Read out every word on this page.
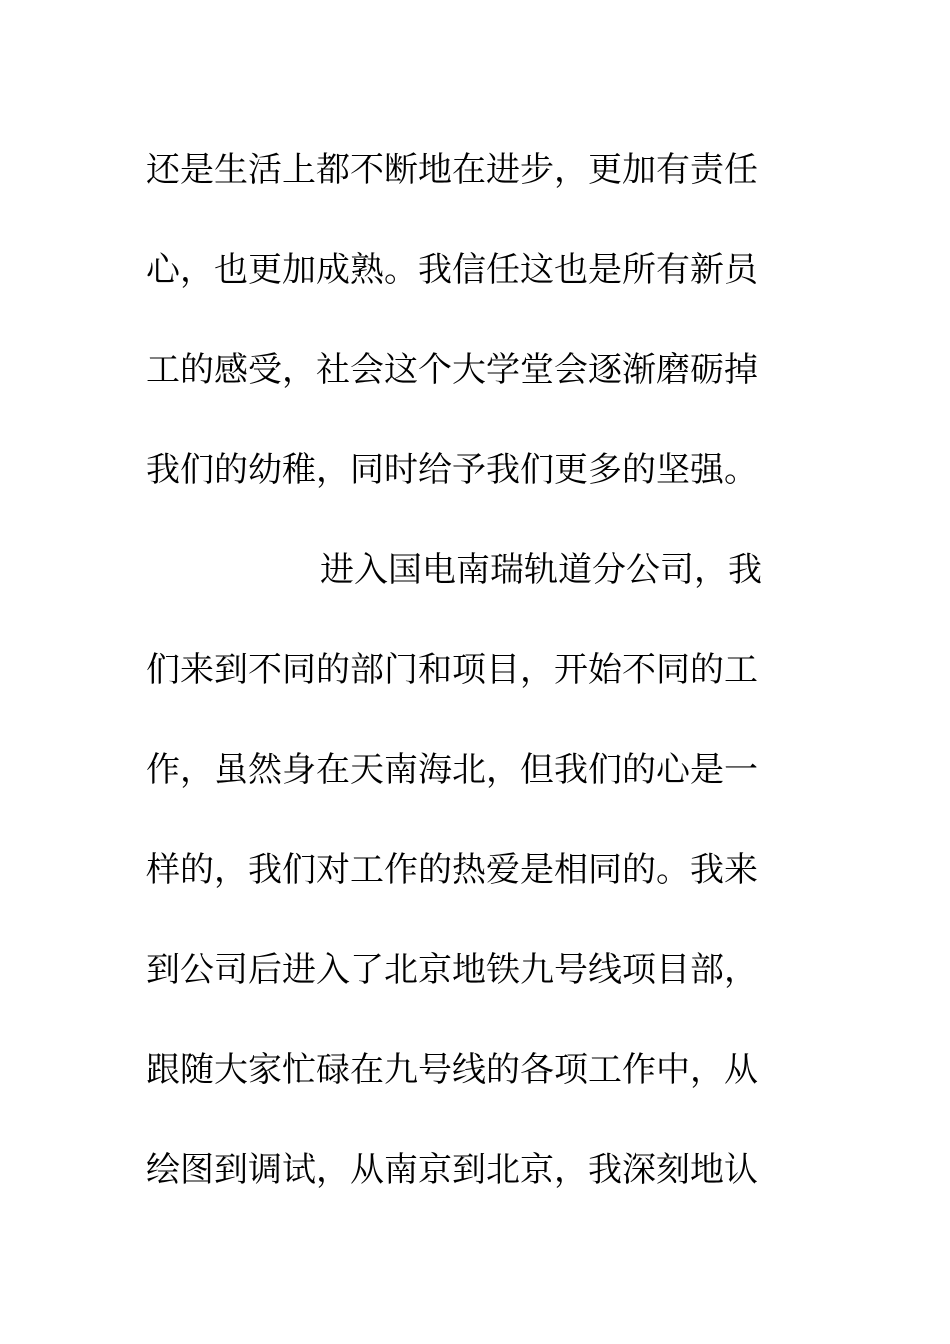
还是生活上都不断地在进步，更加有责任
心，也更加成熟。我信任这也是所有新员
工的感受，社会这个大学堂会逐渐磨砺掉
我们的幼稚，同时给予我们更多的坚强。
进入国电南瑞轨道分公司，我
们来到不同的部门和项目，开始不同的工
作，虽然身在天南海北，但我们的心是一
样的，我们对工作的热爱是相同的。我来
到公司后进入了北京地铁九号线项目部，
跟随大家忙碌在九号线的各项工作中，从
绘图到调试，从南京到北京，我深刻地认
